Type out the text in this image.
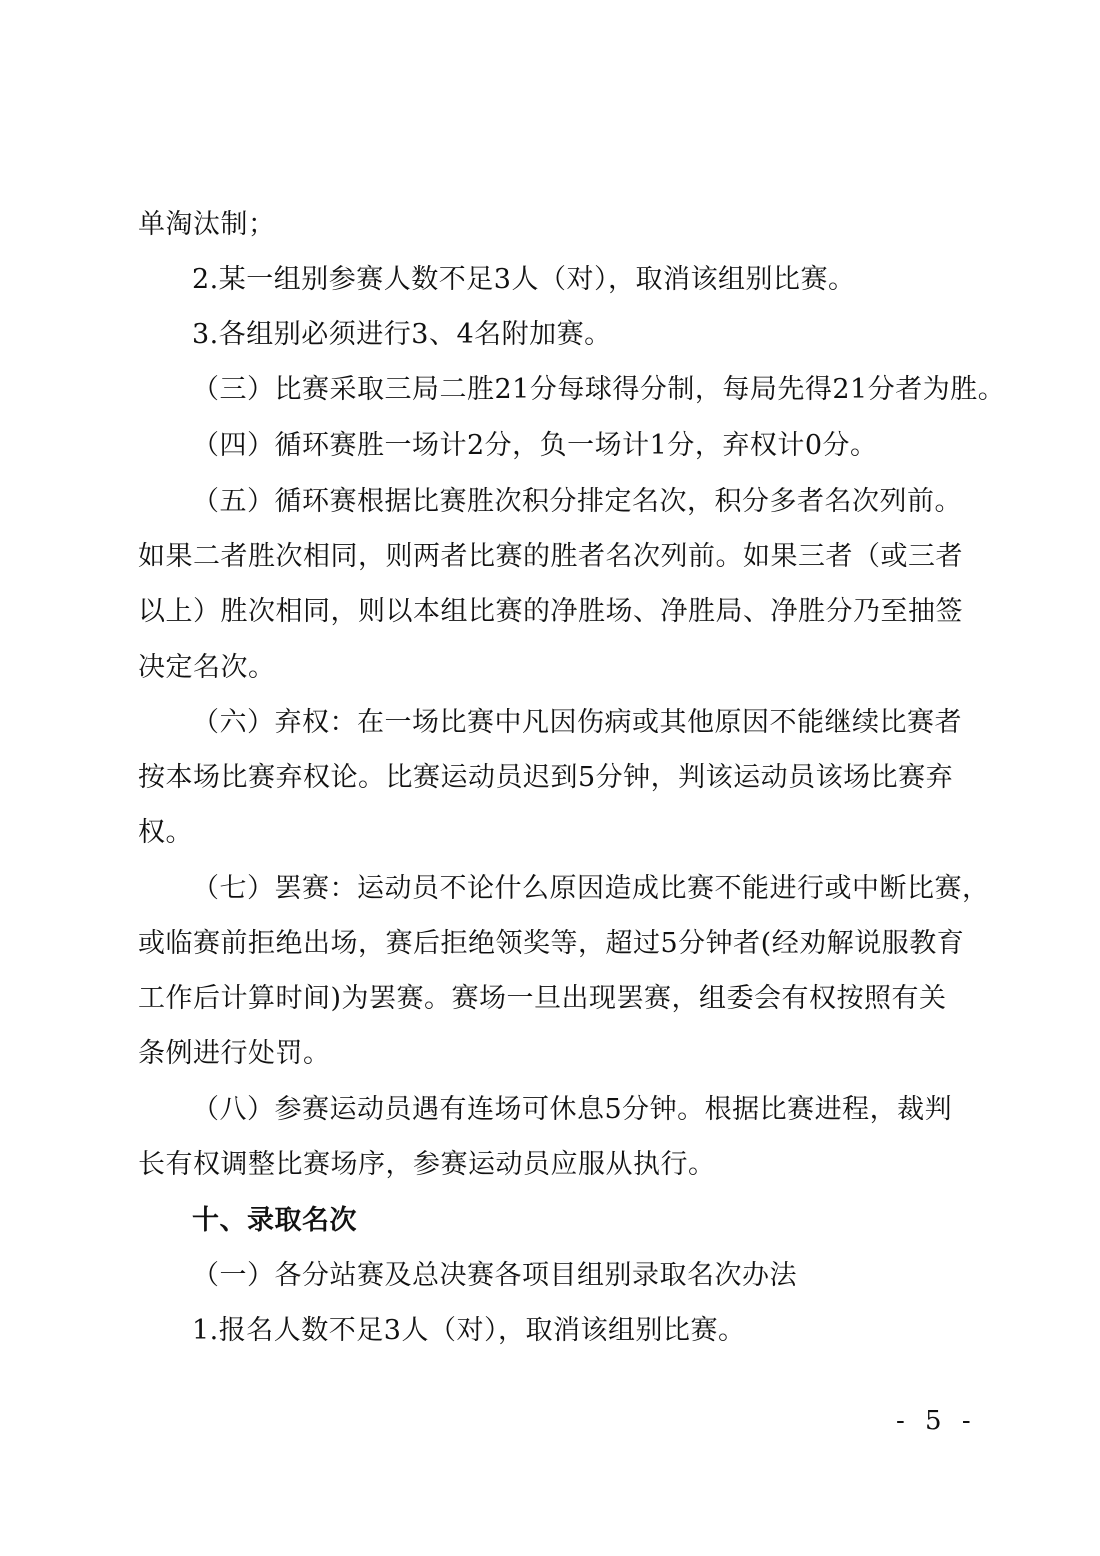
单淘汰制；
2.某一组别参赛人数不足3人（对），取消该组别比赛。
3.各组别必须进行3、4名附加赛。
（三）比赛采取三局二胜21分每球得分制，每局先得21分者为胜。
（四）循环赛胜一场计2分，负一场计1分，弃权计0分。
（五）循环赛根据比赛胜次积分排定名次，积分多者名次列前。
如果二者胜次相同，则两者比赛的胜者名次列前。如果三者（或三者
以上）胜次相同，则以本组比赛的净胜场、净胜局、净胜分乃至抽签
决定名次。
（六）弃权：在一场比赛中凡因伤病或其他原因不能继续比赛者
按本场比赛弃权论。比赛运动员迟到5分钟，判该运动员该场比赛弃
权。
（七）罢赛：运动员不论什么原因造成比赛不能进行或中断比赛，
或临赛前拒绝出场，赛后拒绝领奖等，超过5分钟者(经劝解说服教育
工作后计算时间)为罢赛。赛场一旦出现罢赛，组委会有权按照有关
条例进行处罚。
（八）参赛运动员遇有连场可休息5分钟。根据比赛进程，裁判
长有权调整比赛场序，参赛运动员应服从执行。
十、录取名次
（一）各分站赛及总决赛各项目组别录取名次办法
1.报名人数不足3人（对），取消该组别比赛。
- 5 -
